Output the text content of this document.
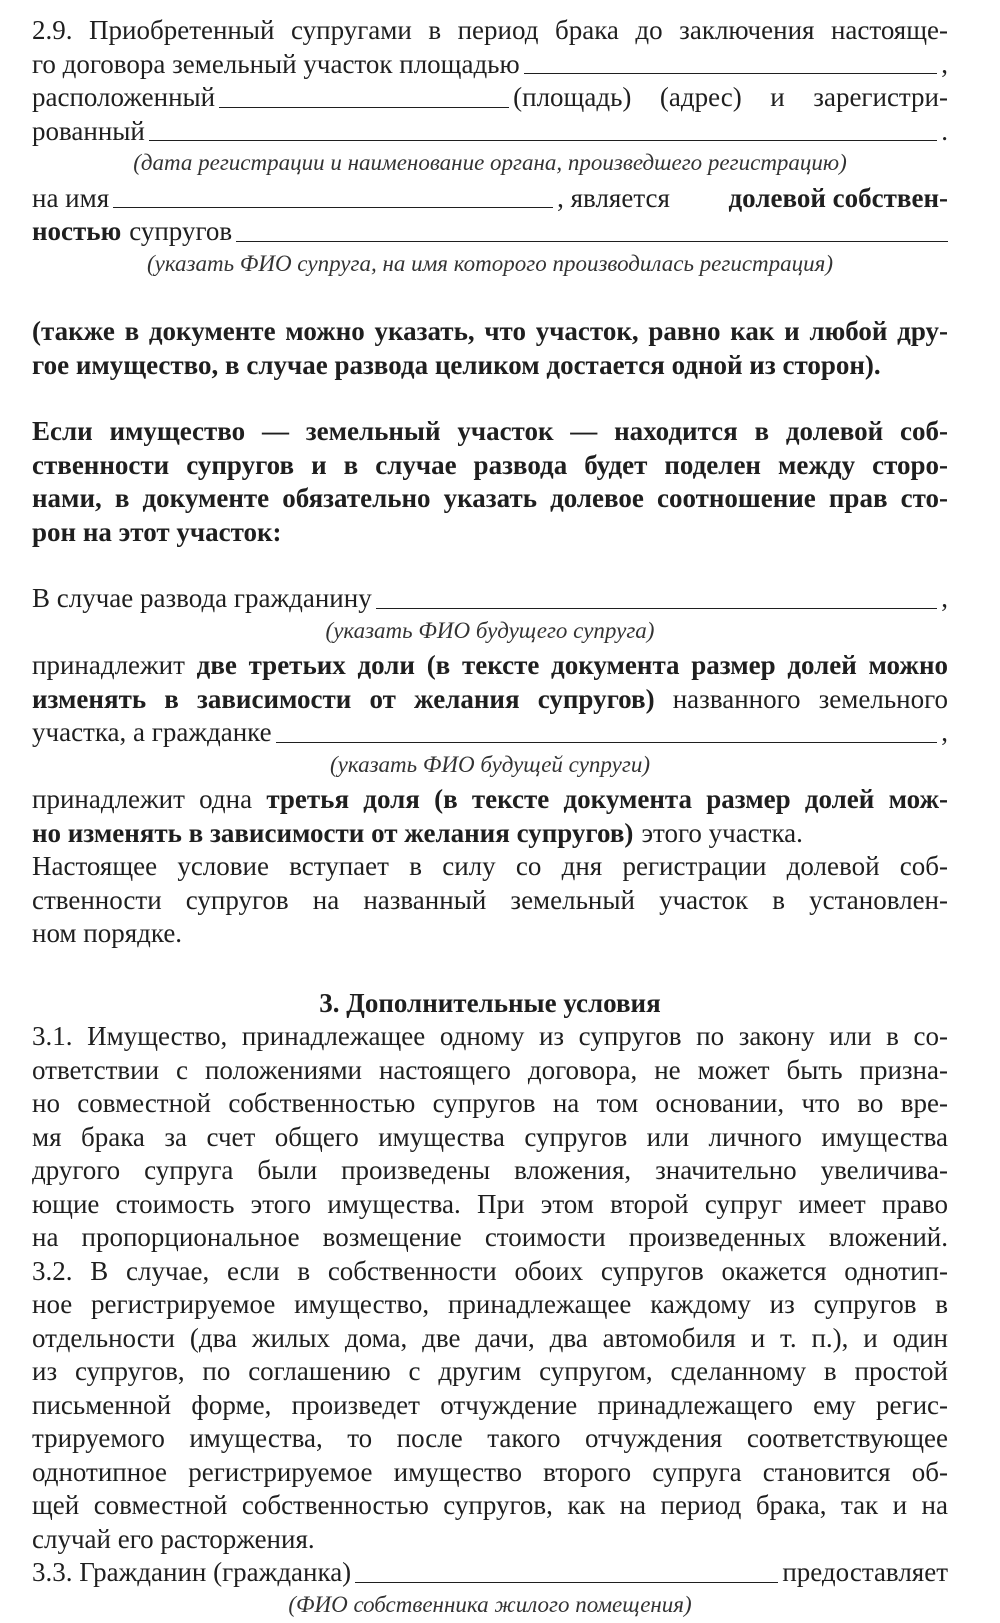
2.9. Приобретенный супругами в период брака до заключения настояще-
го договора земельный участок площадью	,
расположенный	(площадь) (адрес) и зарегистри-
рованный	.
(дата регистрации и наименование органа, произведшего регистрацию)
на имя	, является	долевой собствен-
ностью супругов
(указать ФИО супруга, на имя которого производилась регистрация)
(также в документе можно указать, что участок, равно как и любой дру-
гое имущество, в случае развода целиком достается одной из сторон).
Если имущество — земельный участок — находится в долевой соб-
ственности супругов и в случае развода будет поделен между сторо-
нами, в документе обязательно указать долевое соотношение прав сто-
рон на этот участок:
В случае развода гражданину	,
(указать ФИО будущего супруга)
принадлежит две третьих доли (в тексте документа размер долей можно
изменять в зависимости от желания супругов) названного земельного
участка, а гражданке	,
(указать ФИО будущей супруги)
принадлежит одна третья доля (в тексте документа размер долей мож-
но изменять в зависимости от желания супругов) этого участка.
Настоящее условие вступает в силу со дня регистрации долевой соб-
ственности супругов на названный земельный участок в установлен-
ном порядке.
3. Дополнительные условия
3.1. Имущество, принадлежащее одному из супругов по закону или в со-
ответствии с положениями настоящего договора, не может быть призна-
но совместной собственностью супругов на том основании, что во вре-
мя брака за счет общего имущества супругов или личного имущества
другого супруга были произведены вложения, значительно увеличива-
ющие стоимость этого имущества. При этом второй супруг имеет право
на пропорциональное возмещение стоимости произведенных вложений.
3.2. В случае, если в собственности обоих супругов окажется однотип-
ное регистрируемое имущество, принадлежащее каждому из супругов в
отдельности (два жилых дома, две дачи, два автомобиля и т. п.), и один
из супругов, по соглашению с другим супругом, сделанному в простой
письменной форме, произведет отчуждение принадлежащего ему регис-
трируемого имущества, то после такого отчуждения соответствующее
однотипное регистрируемое имущество второго супруга становится об-
щей совместной собственностью супругов, как на период брака, так и на
случай его расторжения.
3.3. Гражданин (гражданка)	предоставляет
(ФИО собственника жилого помещения)
